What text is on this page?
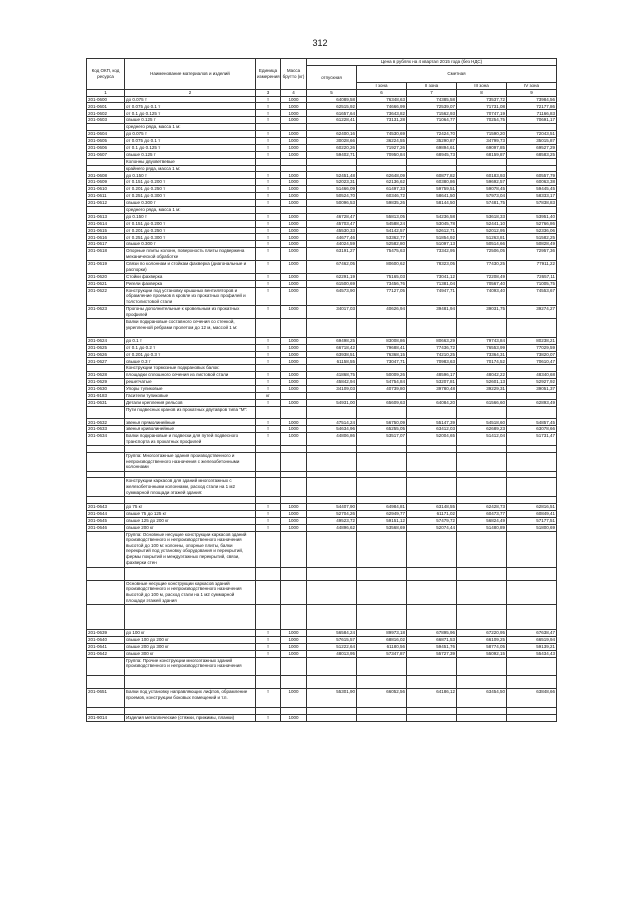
312
Код ОКП, код ресурса	Наименование материалов и изделий	Единица измерения	Масса брутто (кг)	Цена в рублях на 4 квартал 2015 года (без НДС)				
				отпускная	Сметная			
					I зона	II зона	III зона	IV зона
1	2	3	4	5	6	7	8	9
201-0600	до 0.075 т	т	1000	64089,58	76348,63	74385,58	73537,72	73984,56
201-0601	от 0.075 до 0.1 т	т	1000	62515,92	74666,99	72539,07	71731,08	72177,86
201-0602	от 0.1 до 0.125 т	т	1000	61657,64	73643,82	71562,93	70747,19	71166,83
201-0603	свыше 0.125 т	т	1000	61228,41	73131,28	71064,77	70254,75	70691,17
	среднего ряда, масса 1 м:							
201-0604	до 0.075 т	т	1000	62400,16	74530,69	72424,70	71590,20	72043,51
201-0605	от 0.075 до 0.1 т	т	1000	30028,66	36224,55	35290,87	34799,73	35015,87
201-0606	от 0.1 до 0.125 т	т	1000	60220,26	71927,26	69894,61	69097,85	69527,29
201-0607	свыше 0.125 т	т	1000	59402,71	70950,84	68945,73	68159,87	68583,25
	Колонны двухветвевые							
	крайнего ряда, масса 1 м:							
201-0608	до 0.150 т	т	1000	52451,48	62648,09	60877,82	60183,93	60557,79
201-0609	от 0.151 до 0.200 т	т	1000	52023,31	62136,62	60380,86	59692,57	60063,38
201-0610	от 0.201 до 0.250 т	т	1000	51466,09	61497,33	59759,51	59078,45	59445,45
201-0611	от 0.251 до 0.300 т	т	1000	50524,70	60346,72	58641,50	57973,04	58333,17
201-0612	свыше 0.300 т	т	1000	50096,53	59835,26	58144,50	57481,75	57838,83
	среднего ряда, масса 1 м:							
201-0613	до 0.150 т	т	1000	46728,47	55813,05	54236,58	53618,33	53951,40
201-0614	от 0.151 до 0.200 т	т	1000	45703,47	54588,24	53045,78	52441,10	52766,86
201-0615	от 0.201 до 0.250 т	т	1000	45530,33	54142,57	52612,71	52012,95	52336,06
201-0616	от 0.251 до 0.300 т	т	1000	44677,46	53362,77	51854,92	51263,81	51582,25
201-0617	свыше 0.300 т	т	1000	44024,59	52582,80	51097,13	50514,66	50828,49
201-0618	Опорные плиты колонн, поверхность плиты подвержена механической обработке	т	1000	63191,27	75475,63	73342,95	72506,05	72957,36
201-0619	Связи по колоннам и стойкам фахверка (диагональные и распорки)	т	1000	67462,05	80600,62	78323,05	77430,25	77911,22
201-0620	Стойки фахверка	т	1000	62291,19	75165,03	73041,12	72208,49	72657,11
201-0621	Ригели фахверка	т	1000	61500,69	73456,76	71381,04	70567,40	71005,75
201-0622	Конструкции под установку крышных вентиляторов и обрамление проемов в кровле из прокатных профилей и толстолистовой стали	т	1000	64573,90	77127,05	74947,71	74093,40	74553,67
201-0623	Прогоны дополнительные к кровельным из прокатных профилей	т	1000	34017,03	40626,94	39481,94	39031,75	39274,27
	Балки подкрановые составного сечения со стенкой, укрепленной ребрами пролетом до 12 м, массой 1 м:							
201-0624	до 0.1 т	т	1000	69498,25	83008,86	80663,29	79743,84	80238,21
201-0625	от 0.1 до 0.2 т	т	1000	66718,42	79688,41	77436,72	76553,99	77029,59
201-0626	от 0.201 до 0.3 т	т	1000	63938,51	76368,15	74210,25	73364,31	73820,07
201-0627	свыше 0.3 т	т	1000	61158,55	73047,71	70983,63	70174,52	70610,47
	Конструкции тормозные подкрановых балок:							
201-0628	площадки сплошного сечения из листовой стали	т	1000	41868,75	50009,26	48596,17	48042,22	48340,68
201-0629	решетчатые	т	1000	45842,94	54754,84	53207,81	52601,13	52927,92
201-0630	Упоры тупиковые	т	1000	34109,03	40739,80	39780,48	39229,31	39051,37
201-9183	Гасители тупиковые	кг						
201-0631	Детали крепления рельсов	т	1000	54931,00	65609,63	64084,20	61566,60	62893,49
	Пути подвесных кранов из прокатных двутавров типа "М":							
201-0632	звенья прямолинейные	т	1000	47514,24	56750,09	55147,39	54518,60	54857,45
201-0633	звенья криволинейные	т	1000	54634,96	65255,05	63412,03	62689,23	63078,66
201-0634	Балки подкрановые и подвески для путей подвесного транспорта из прокатных профилей	т	1000	44806,86	53517,07	52004,65	51412,04	51731,47

	Группа: Многоэтажные здания производственного и непроизводственного назначения с железобетонными колоннами							

	Конструкции каркасов для зданий многоэтажных с железобетонными колоннами, расход стали на 1 м2 суммарной площади этажей здания:							

201-0643	до 75 кг	т	1000	54407,90	64984,81	63148,55	62428,73	62816,51
201-0644	свыше 75 до 125 кг	т	1000	52704,26	62949,77	61171,02	60473,77	60849,41
201-0645	свыше 125 до 200 кг	т	1000	49523,72	59151,12	57479,72	56824,49	57177,51
201-0646	свыше 200 кг	т	1000	44896,62	53568,69	52074,44	51480,89	51800,69
	Группа: Основные несущие конструкции каркасов зданий производственного и непроизводственного назначения высотой до 100 м: колонны, опорные плиты, балки перекрытий под установку оборудования и перекрытий, фермы покрытий и междуэтажных перекрытий, связи, фахверки стен							

	Основные несущие конструкции каркасов зданий производственного и непроизводственного назначения высотой до 100 м, расход стали на 1 м2 суммарной площади этажей здания							

201-0639	до 100 кг	т	1000	56584,24	89973,18	67895,96	67220,95	67638,47
201-0640	свыше 100 до 200 кг	т	1000	57615,57	68816,02	66871,53	66109,25	66519,94
201-0641	свыше 200 до 300 кг	т	1000	51222,64	61180,56	59451,76	58774,05	59139,21
201-0642	свыше 300 кг	т	1000	48013,95	57347,87	55727,39	55092,15	55434,43
	Группа: Прочие конструкции многоэтажных зданий производственного и непроизводственного назначения							

201-0651	Балки под установку направляющих лифтов, обрамление проемов, конструкции боковых помещений и т.п.	т	1000	55301,90	66052,56	64186,12	63454,50	63848,66

201-9014	Изделия металлические (стяжки, прижимы, планки)	т	1000					
